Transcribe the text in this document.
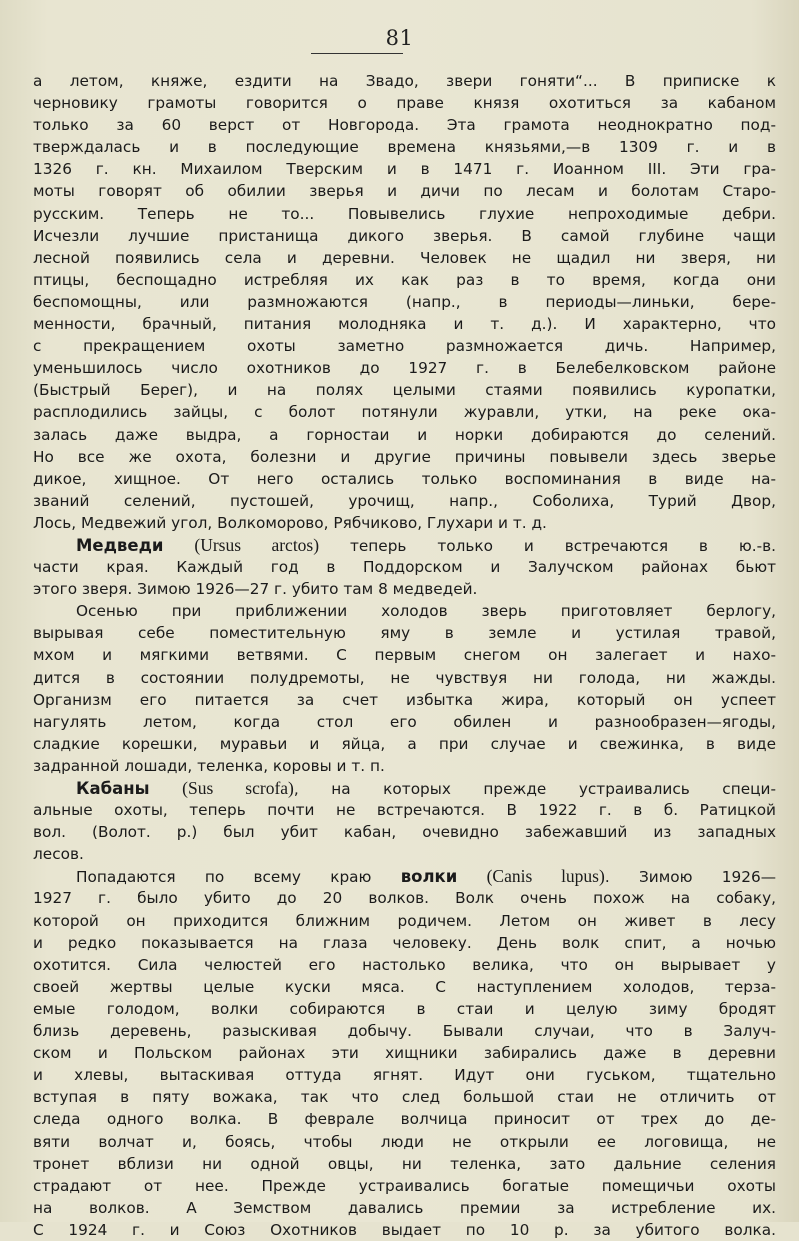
81
а летом, княже, ездити на Звадо, звери гоняти“... В приписке к
черновику грамоты говорится о праве князя охотиться за кабаном
только за 60 верст от Новгорода. Эта грамота неоднократно под-
тверждалась и в последующие времена князьями,—в 1309 г. и в
1326 г. кн. Михаилом Тверским и в 1471 г. Иоанном III. Эти гра-
моты говорят об обилии зверья и дичи по лесам и болотам Старо-
русским. Теперь не то... Повывелись глухие непроходимые дебри.
Исчезли лучшие пристанища дикого зверья. В самой глубине чащи
лесной появились села и деревни. Человек не щадил ни зверя, ни
птицы, беспощадно истребляя их как раз в то время, когда они
беспомощны, или размножаются (напр., в периоды—линьки, бере-
менности, брачный, питания молодняка и т. д.). И характерно, что
с прекращением охоты заметно размножается дичь. Например,
уменьшилось число охотников до 1927 г. в Белебелковском районе
(Быстрый Берег), и на полях целыми стаями появились куропатки,
расплодились зайцы, с болот потянули журавли, утки, на реке ока-
залась даже выдра, а горностаи и норки добираются до селений.
Но все же охота, болезни и другие причины повывели здесь зверье
дикое, хищное. От него остались только воспоминания в виде на-
званий селений, пустошей, урочищ, напр., Соболиха, Турий Двор,
Лось, Медвежий угол, Волкоморово, Рябчиково, Глухари и т. д.
Медведи (Ursus arctos) теперь только и встречаются в ю.-в.
части края. Каждый год в Поддорском и Залучском районах бьют
этого зверя. Зимою 1926—27 г. убито там 8 медведей.
Осенью при приближении холодов зверь приготовляет берлогу,
вырывая себе поместительную яму в земле и устилая травой,
мхом и мягкими ветвями. С первым снегом он залегает и нахо-
дится в состоянии полудремоты, не чувствуя ни голода, ни жажды.
Организм его питается за счет избытка жира, который он успеет
нагулять летом, когда стол его обилен и разнообразен—ягоды,
сладкие корешки, муравьи и яйца, а при случае и свежинка, в виде
задранной лошади, теленка, коровы и т. п.
Кабаны (Sus scrofa), на которых прежде устраивались специ-
альные охоты, теперь почти не встречаются. В 1922 г. в б. Ратицкой
вол. (Волот. р.) был убит кабан, очевидно забежавший из западных
лесов.
Попадаются по всему краю волки (Canis lupus). Зимою 1926—
1927 г. было убито до 20 волков. Волк очень похож на собаку,
которой он приходится ближним родичем. Летом он живет в лесу
и редко показывается на глаза человеку. День волк спит, а ночью
охотится. Сила челюстей его настолько велика, что он вырывает у
своей жертвы целые куски мяса. С наступлением холодов, терза-
емые голодом, волки собираются в стаи и целую зиму бродят
близь деревень, разыскивая добычу. Бывали случаи, что в Залуч-
ском и Польском районах эти хищники забирались даже в деревни
и хлевы, вытаскивая оттуда ягнят. Идут они гуськом, тщательно
вступая в пяту вожака, так что след большой стаи не отличить от
следа одного волка. В феврале волчица приносит от трех до де-
вяти волчат и, боясь, чтобы люди не открыли ее логовища, не
тронет вблизи ни одной овцы, ни теленка, зато дальние селения
страдают от нее. Прежде устраивались богатые помещичьи охоты
на волков. А Земством давались премии за истребление их.
С 1924 г. и Союз Охотников выдает по 10 р. за убитого волка.
